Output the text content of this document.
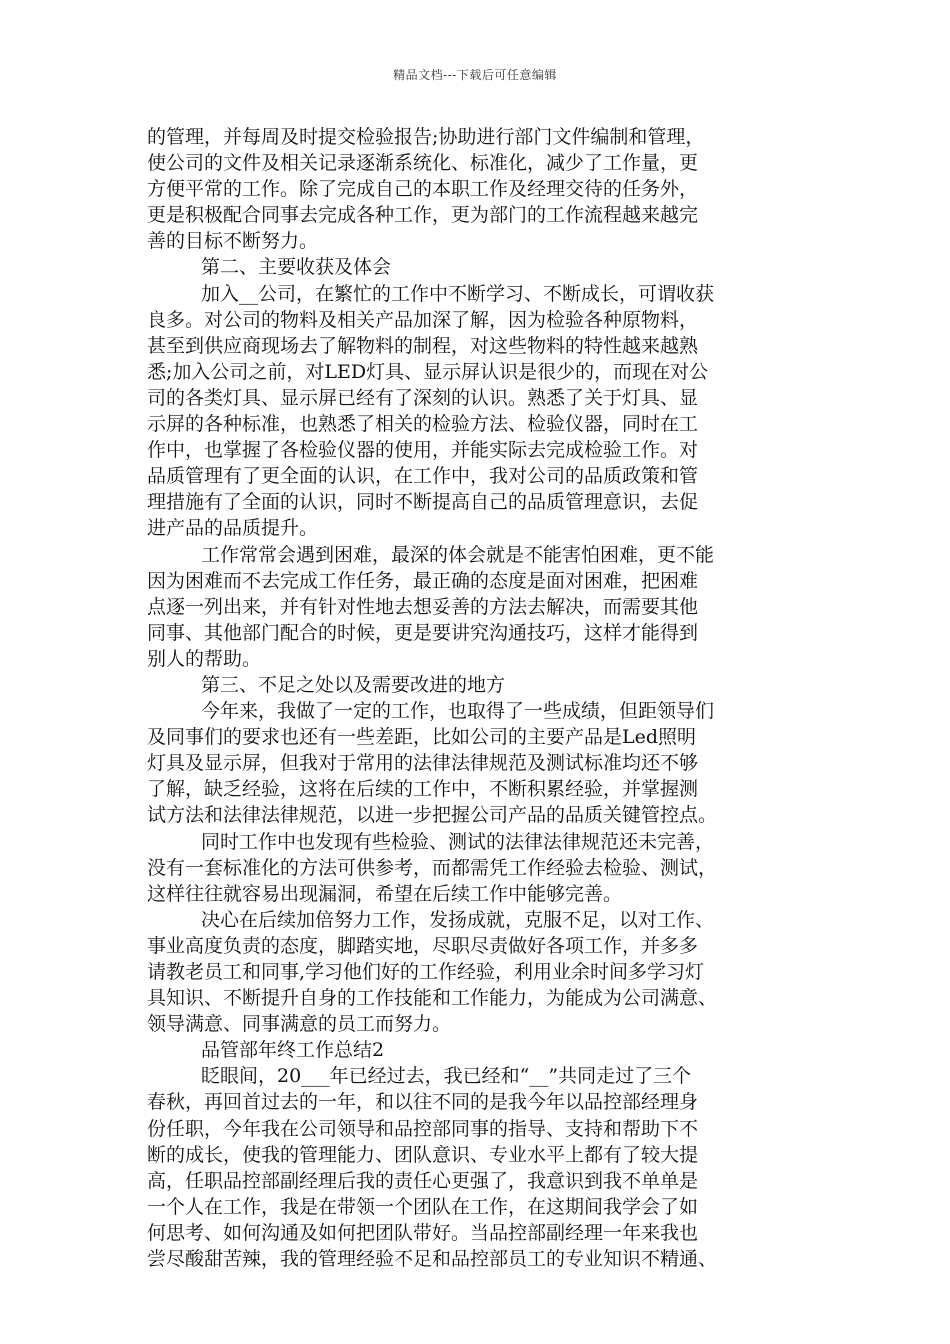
精品文档---下载后可任意编辑
的管理，并每周及时提交检验报告;协助进行部门文件编制和管理，
使公司的文件及相关记录逐渐系统化、标准化，减少了工作量，更
方便平常的工作。除了完成自己的本职工作及经理交待的任务外，
更是积极配合同事去完成各种工作，更为部门的工作流程越来越完
善的目标不断努力。
第二、主要收获及体会
加入__公司，在繁忙的工作中不断学习、不断成长，可谓收获
良多。对公司的物料及相关产品加深了解，因为检验各种原物料，
甚至到供应商现场去了解物料的制程，对这些物料的特性越来越熟
悉;加入公司之前，对LED灯具、显示屏认识是很少的，而现在对公
司的各类灯具、显示屏已经有了深刻的认识。熟悉了关于灯具、显
示屏的各种标准，也熟悉了相关的检验方法、检验仪器，同时在工
作中，也掌握了各检验仪器的使用，并能实际去完成检验工作。对
品质管理有了更全面的认识，在工作中，我对公司的品质政策和管
理措施有了全面的认识，同时不断提高自己的品质管理意识，去促
进产品的品质提升。
工作常常会遇到困难，最深的体会就是不能害怕困难，更不能
因为困难而不去完成工作任务，最正确的态度是面对困难，把困难
点逐一列出来，并有针对性地去想妥善的方法去解决，而需要其他
同事、其他部门配合的时候，更是要讲究沟通技巧，这样才能得到
别人的帮助。
第三、不足之处以及需要改进的地方
今年来，我做了一定的工作，也取得了一些成绩，但距领导们
及同事们的要求也还有一些差距，比如公司的主要产品是Led照明
灯具及显示屏，但我对于常用的法律法律规范及测试标准均还不够
了解，缺乏经验，这将在后续的工作中，不断积累经验，并掌握测
试方法和法律法律规范，以进一步把握公司产品的品质关键管控点。
同时工作中也发现有些检验、测试的法律法律规范还未完善，
没有一套标准化的方法可供参考，而都需凭工作经验去检验、测试，
这样往往就容易出现漏洞，希望在后续工作中能够完善。
决心在后续加倍努力工作，发扬成就，克服不足，以对工作、
事业高度负责的态度，脚踏实地，尽职尽责做好各项工作，并多多
请教老员工和同事,学习他们好的工作经验，利用业余时间多学习灯
具知识、不断提升自身的工作技能和工作能力，为能成为公司满意、
领导满意、同事满意的员工而努力。
品管部年终工作总结2
眨眼间，20___年已经过去，我已经和“__”共同走过了三个
春秋，再回首过去的一年，和以往不同的是我今年以品控部经理身
份任职，今年我在公司领导和品控部同事的指导、支持和帮助下不
断的成长，使我的管理能力、团队意识、专业水平上都有了较大提
高，任职品控部副经理后我的责任心更强了，我意识到我不单单是
一个人在工作，我是在带领一个团队在工作，在这期间我学会了如
何思考、如何沟通及如何把团队带好。当品控部副经理一年来我也
尝尽酸甜苦辣，我的管理经验不足和品控部员工的专业知识不精通、
